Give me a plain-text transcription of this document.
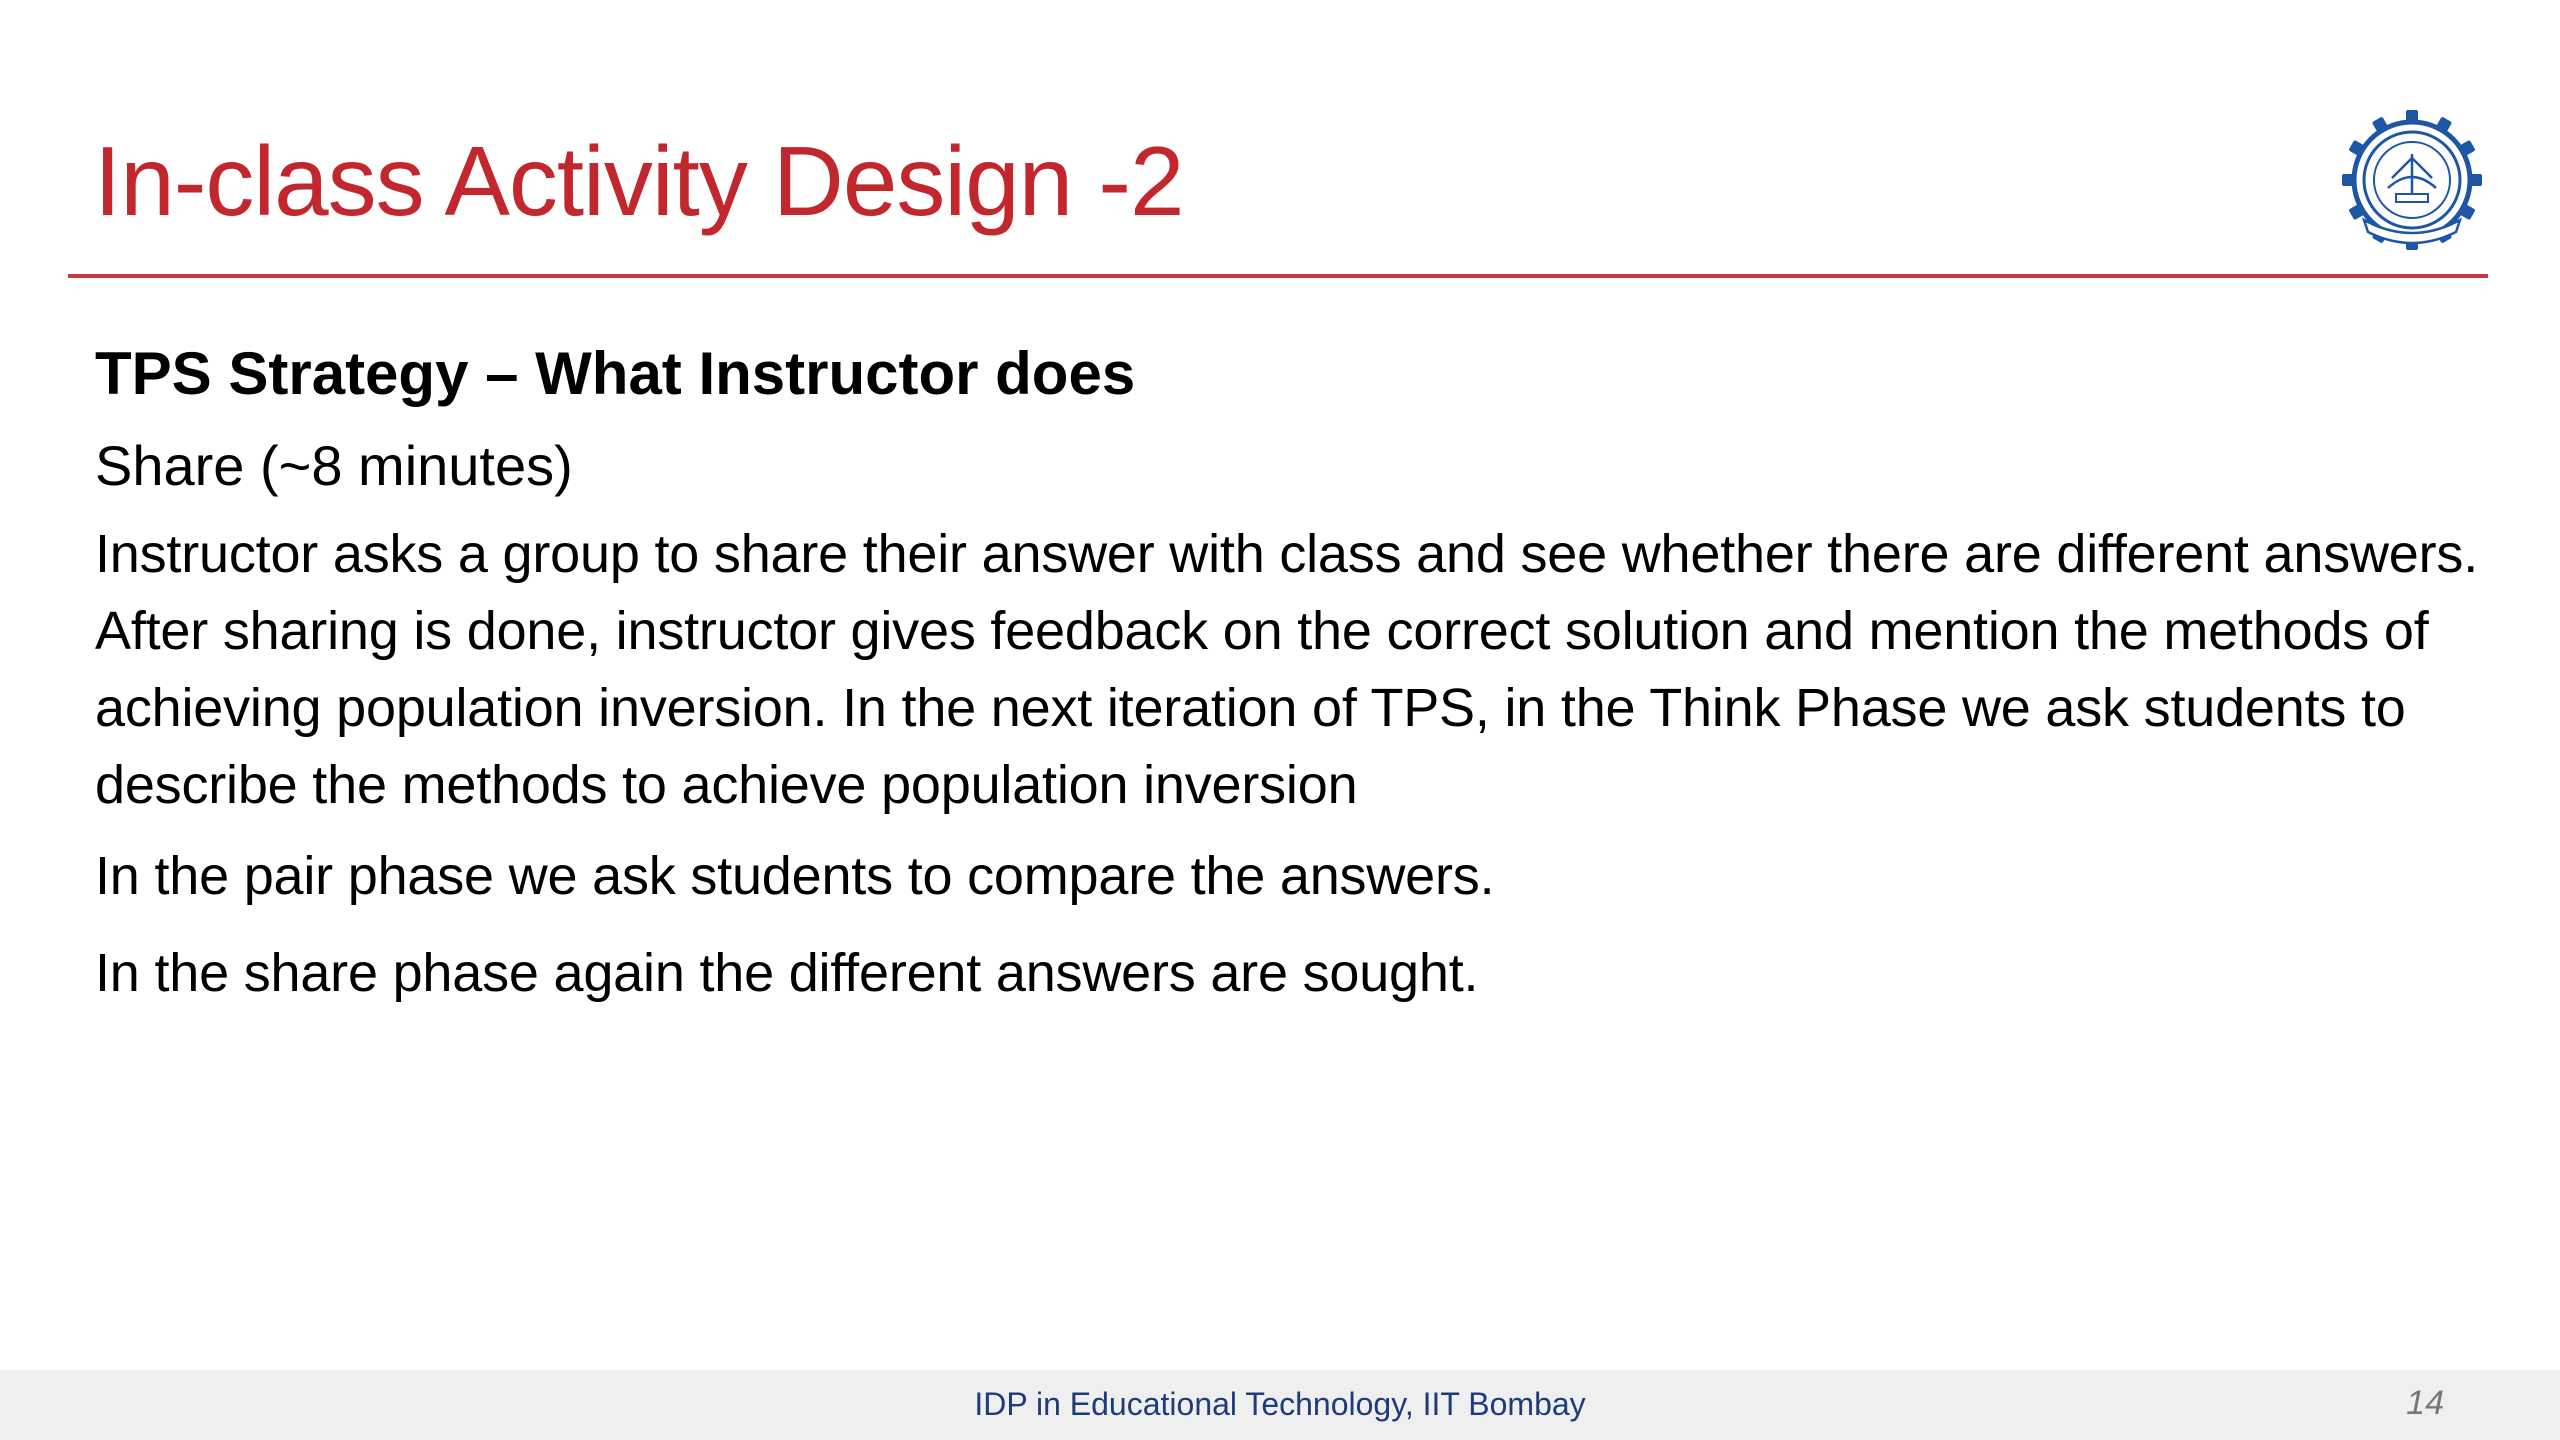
In-class Activity Design -2
TPS Strategy – What Instructor does
Share (~8 minutes)
Instructor asks a group to share their answer with class and see whether there are different answers. After sharing is done, instructor gives feedback on the correct solution and mention the methods of achieving population inversion. In the next iteration of TPS, in the Think Phase we ask students to describe the methods to achieve population inversion
In the pair phase we ask students to compare the answers.
In the share phase again the different answers are sought.
IDP in Educational Technology, IIT Bombay	14
